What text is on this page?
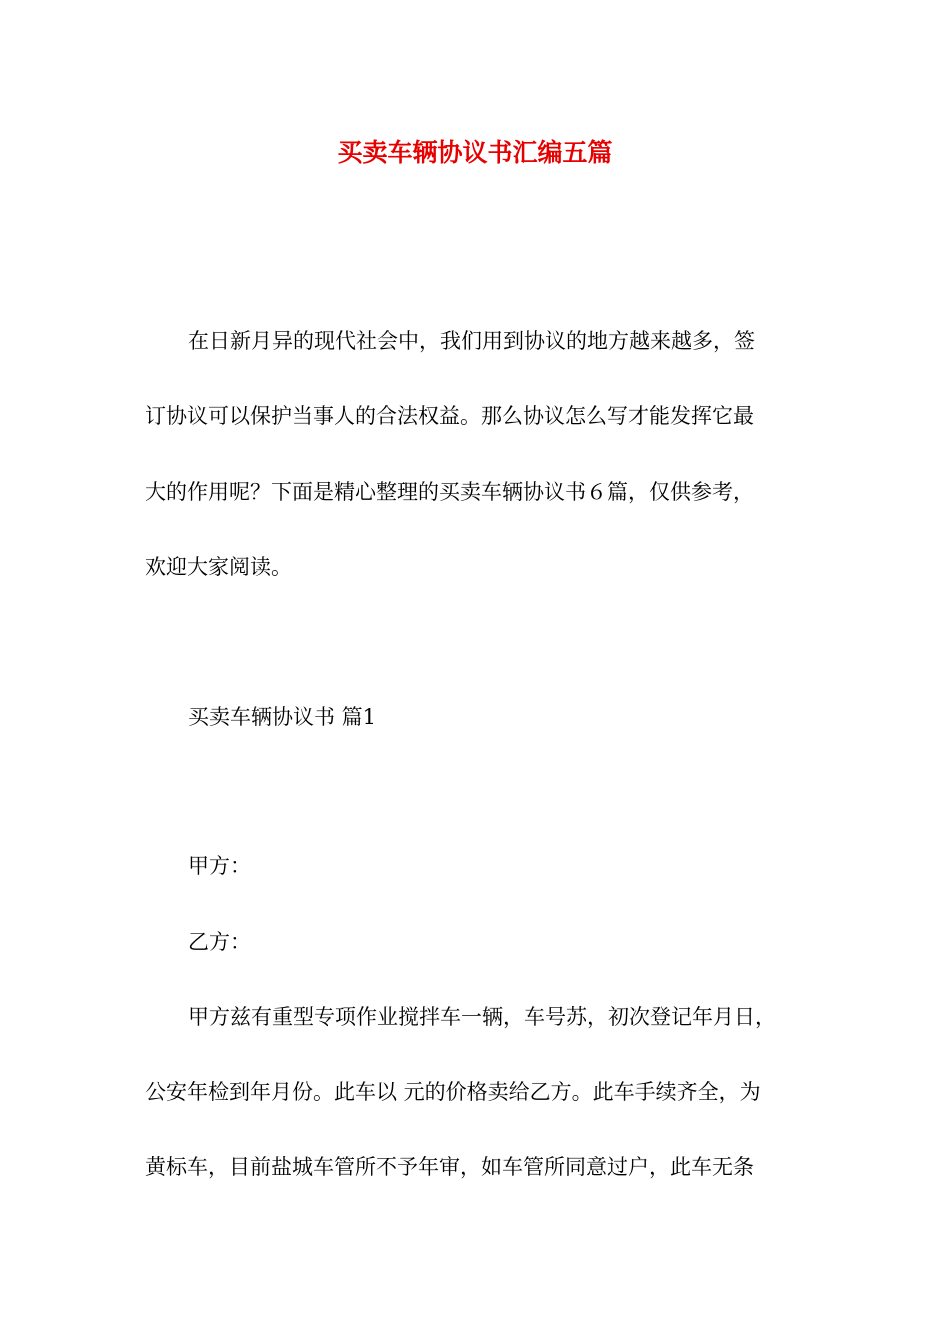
买卖车辆协议书汇编五篇
在日新月异的现代社会中，我们用到协议的地方越来越多，签
订协议可以保护当事人的合法权益。那么协议怎么写才能发挥它最
大的作用呢？下面是精心整理的买卖车辆协议书６篇，仅供参考，
欢迎大家阅读。
买卖车辆协议书 篇1
甲方：
乙方：
甲方兹有重型专项作业搅拌车一辆，车号苏，初次登记年月日，
公安年检到年月份。此车以 元的价格卖给乙方。此车手续齐全，为
黄标车，目前盐城车管所不予年审，如车管所同意过户，此车无条
